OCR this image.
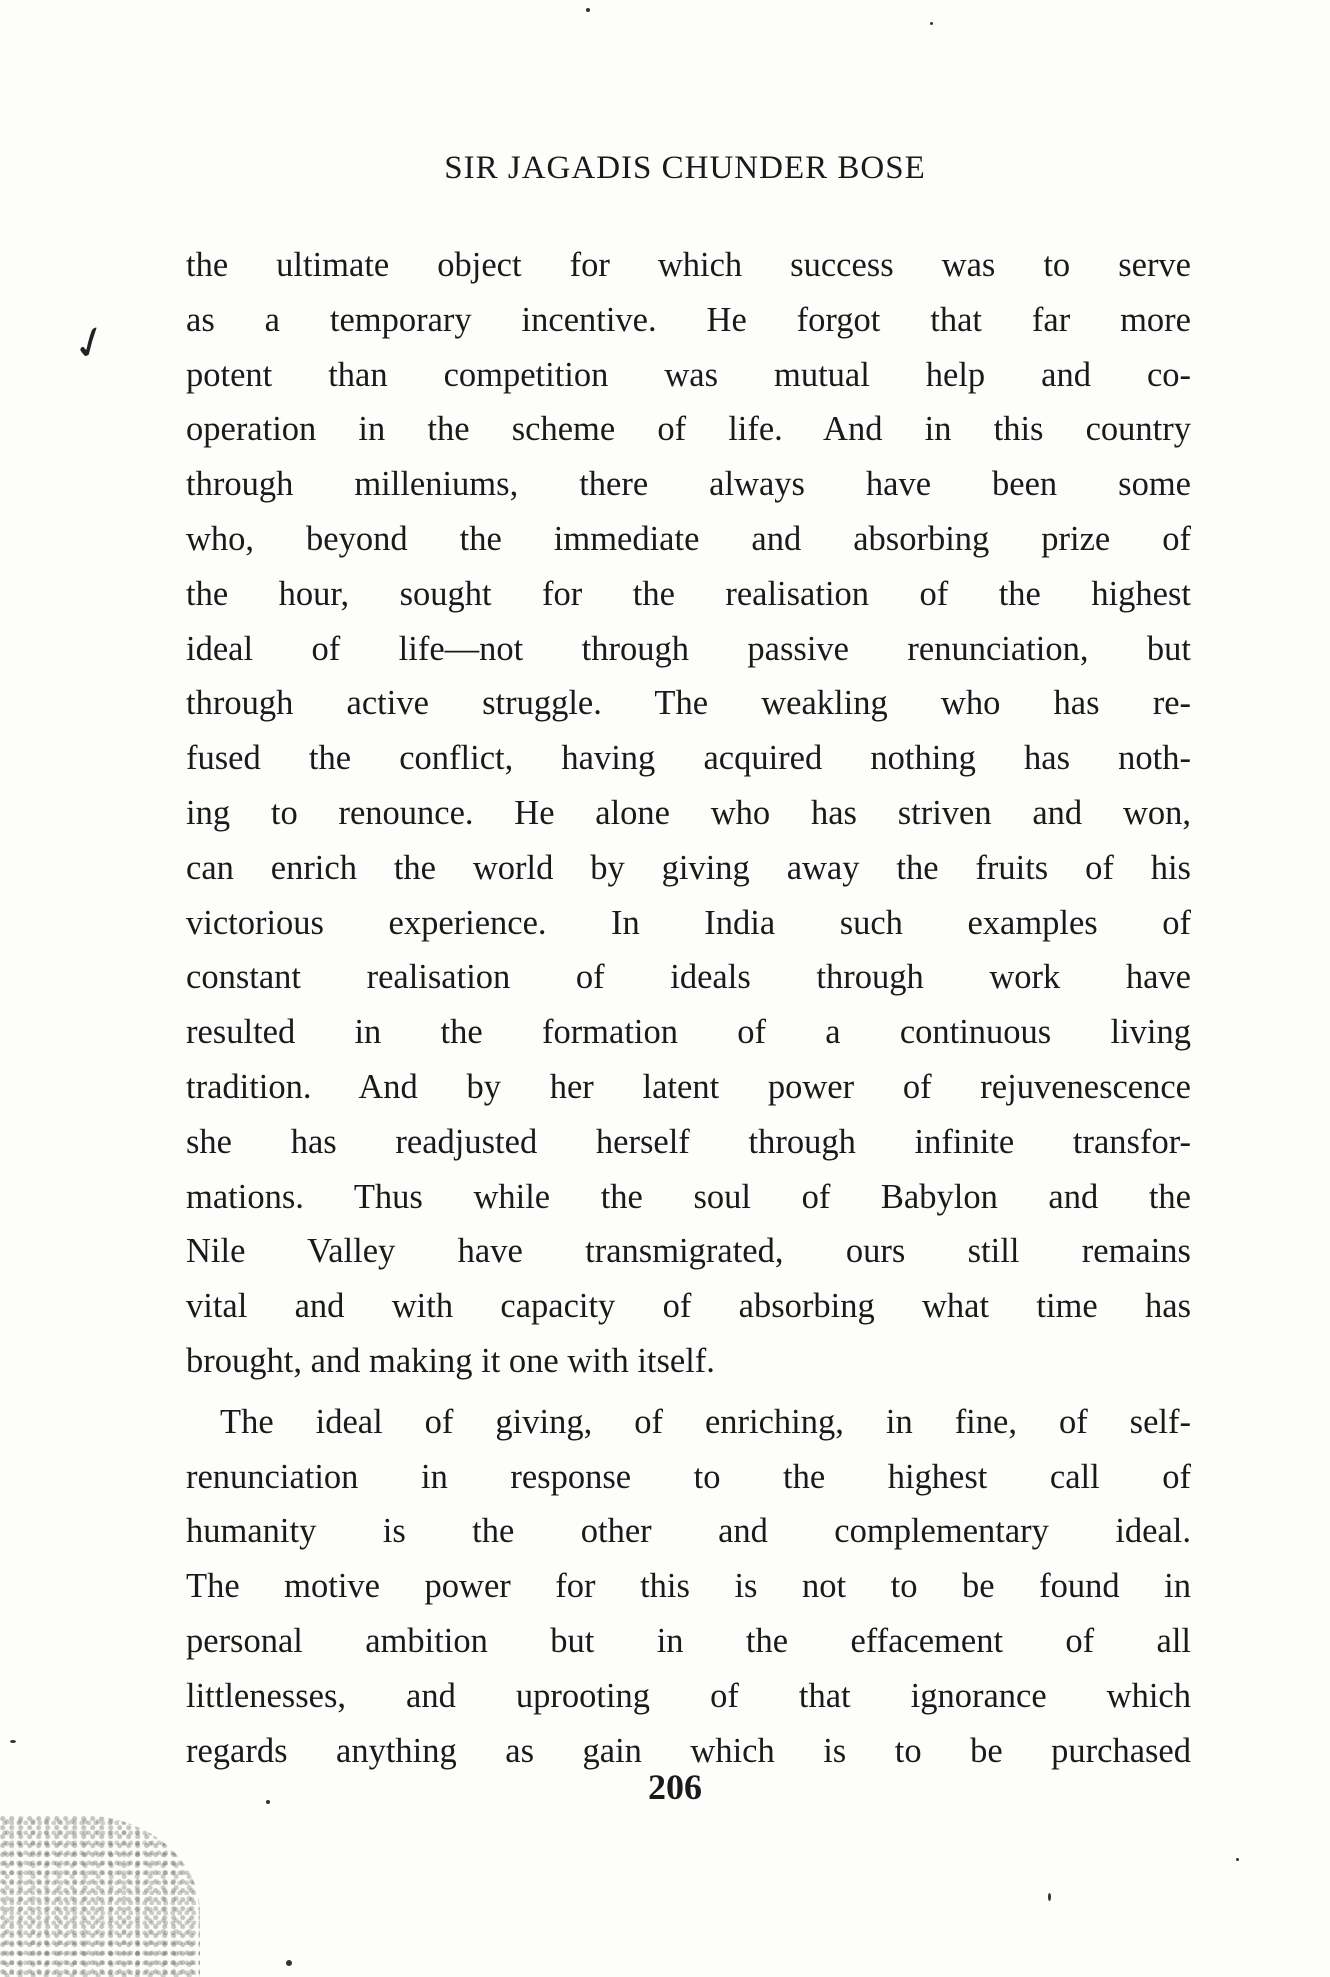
SIR JAGADIS CHUNDER BOSE
✓

the ultimate object for which success was to serve
as a temporary incentive. He forgot that far more
potent than competition was mutual help and co-
operation in the scheme of life. And in this country
through milleniums, there always have been some
who, beyond the immediate and absorbing prize of
the hour, sought for the realisation of the highest
ideal of life—not through passive renunciation, but
through active struggle. The weakling who has re-
fused the conflict, having acquired nothing has noth-
ing to renounce. He alone who has striven and won,
can enrich the world by giving away the fruits of his
victorious experience. In India such examples of
constant realisation of ideals through work have
resulted in the formation of a continuous living
tradition. And by her latent power of rejuvenescence
she has readjusted herself through infinite transfor-
mations. Thus while the soul of Babylon and the
Nile Valley have transmigrated, ours still remains
vital and with capacity of absorbing what time has
brought, and making it one with itself.

The ideal of giving, of enriching, in fine, of self-
renunciation in response to the highest call of
humanity is the other and complementary ideal.
The motive power for this is not to be found in
personal ambition but in the effacement of all
littlenesses, and uprooting of that ignorance which
regards anything as gain which is to be purchased

206
